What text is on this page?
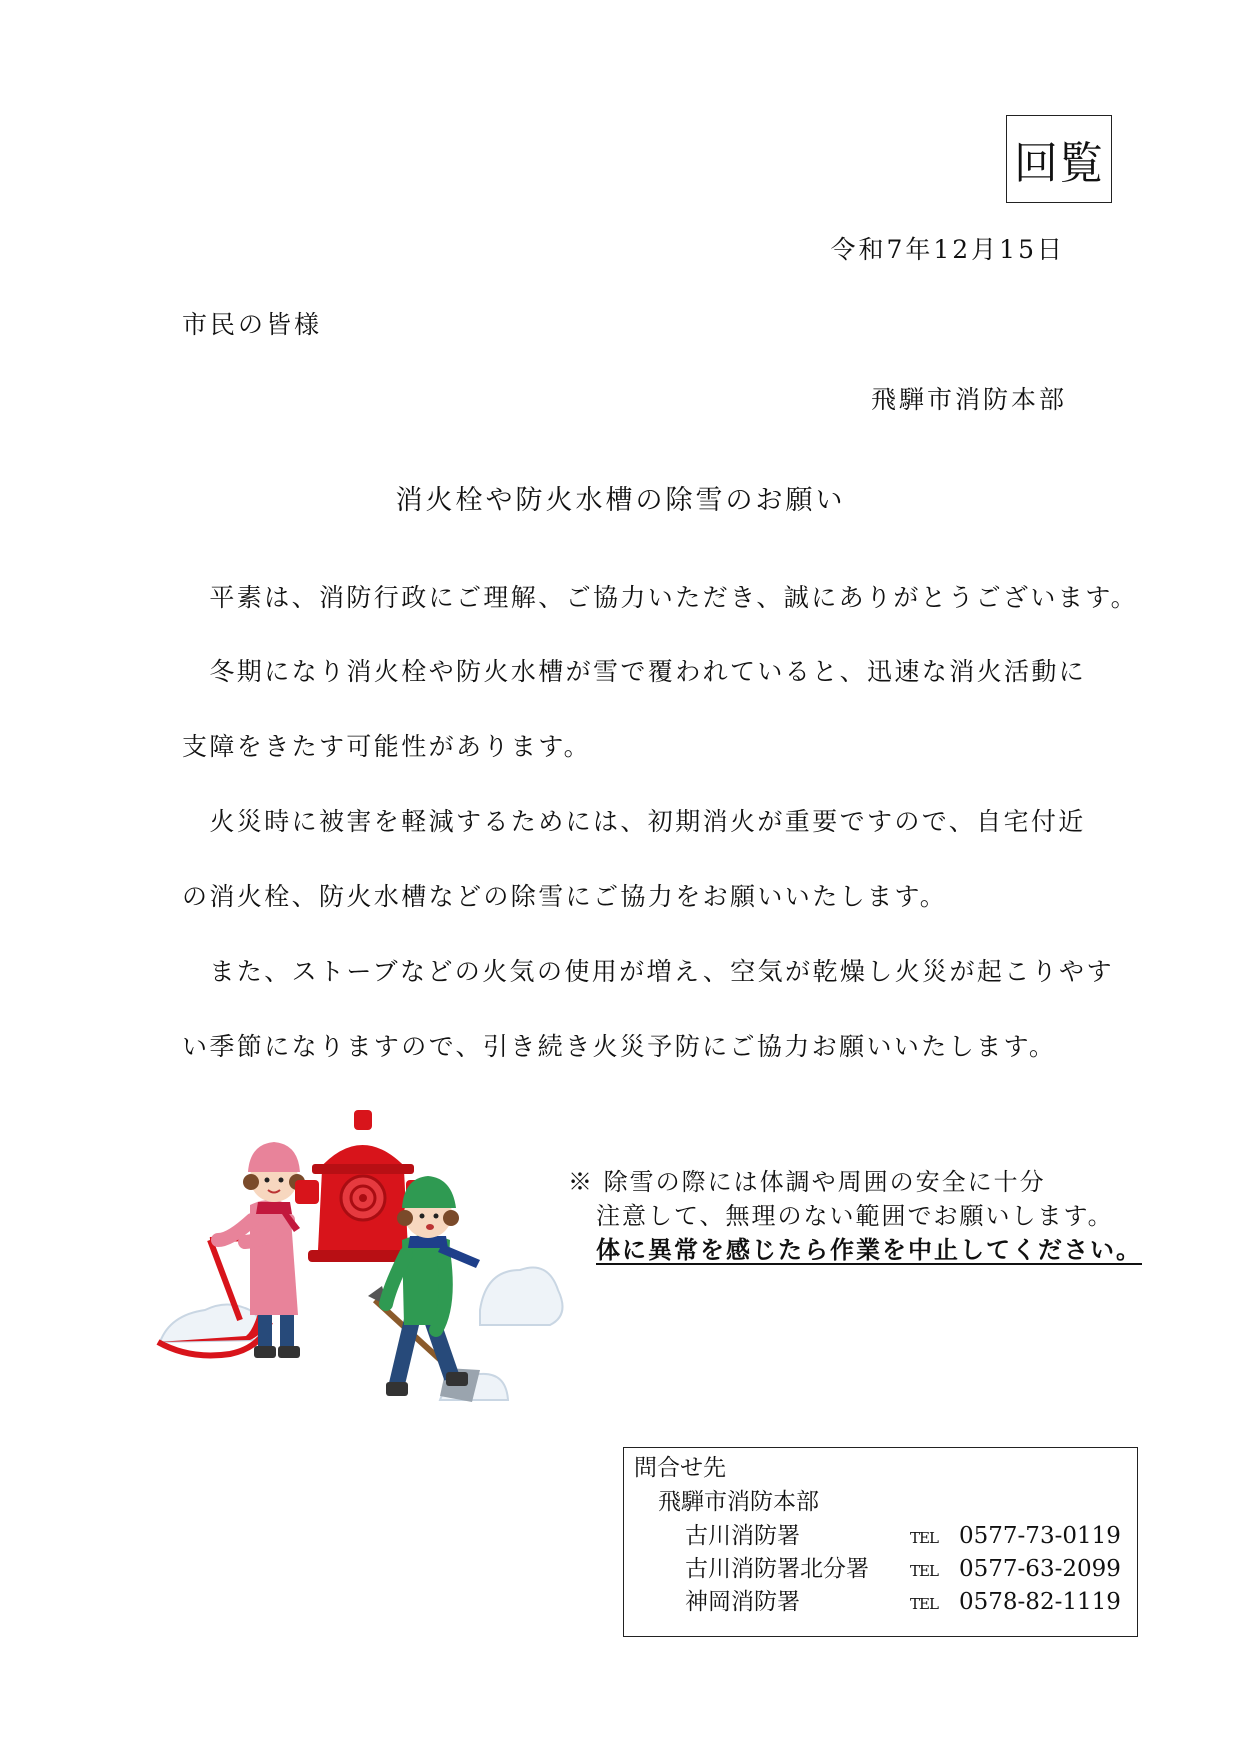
回覧
令和7年12月15日
市民の皆様
飛騨市消防本部
消火栓や防火水槽の除雪のお願い
　平素は、消防行政にご理解、ご協力いただき、誠にありがとうございます。
　冬期になり消火栓や防火水槽が雪で覆われていると、迅速な消火活動に
支障をきたす可能性があります。
　火災時に被害を軽減するためには、初期消火が重要ですので、自宅付近
の消火栓、防火水槽などの除雪にご協力をお願いいたします。
　また、ストーブなどの火気の使用が増え、空気が乾燥し火災が起こりやす
い季節になりますので、引き続き火災予防にご協力お願いいたします。
※ 除雪の際には体調や周囲の安全に十分
注意して、無理のない範囲でお願いします。
体に異常を感じたら作業を中止してください。
問合せ先
飛騨市消防本部
古川消防署	TEL 0577-73-0119
古川消防署北分署	TEL 0577-63-2099
神岡消防署	TEL 0578-82-1119
